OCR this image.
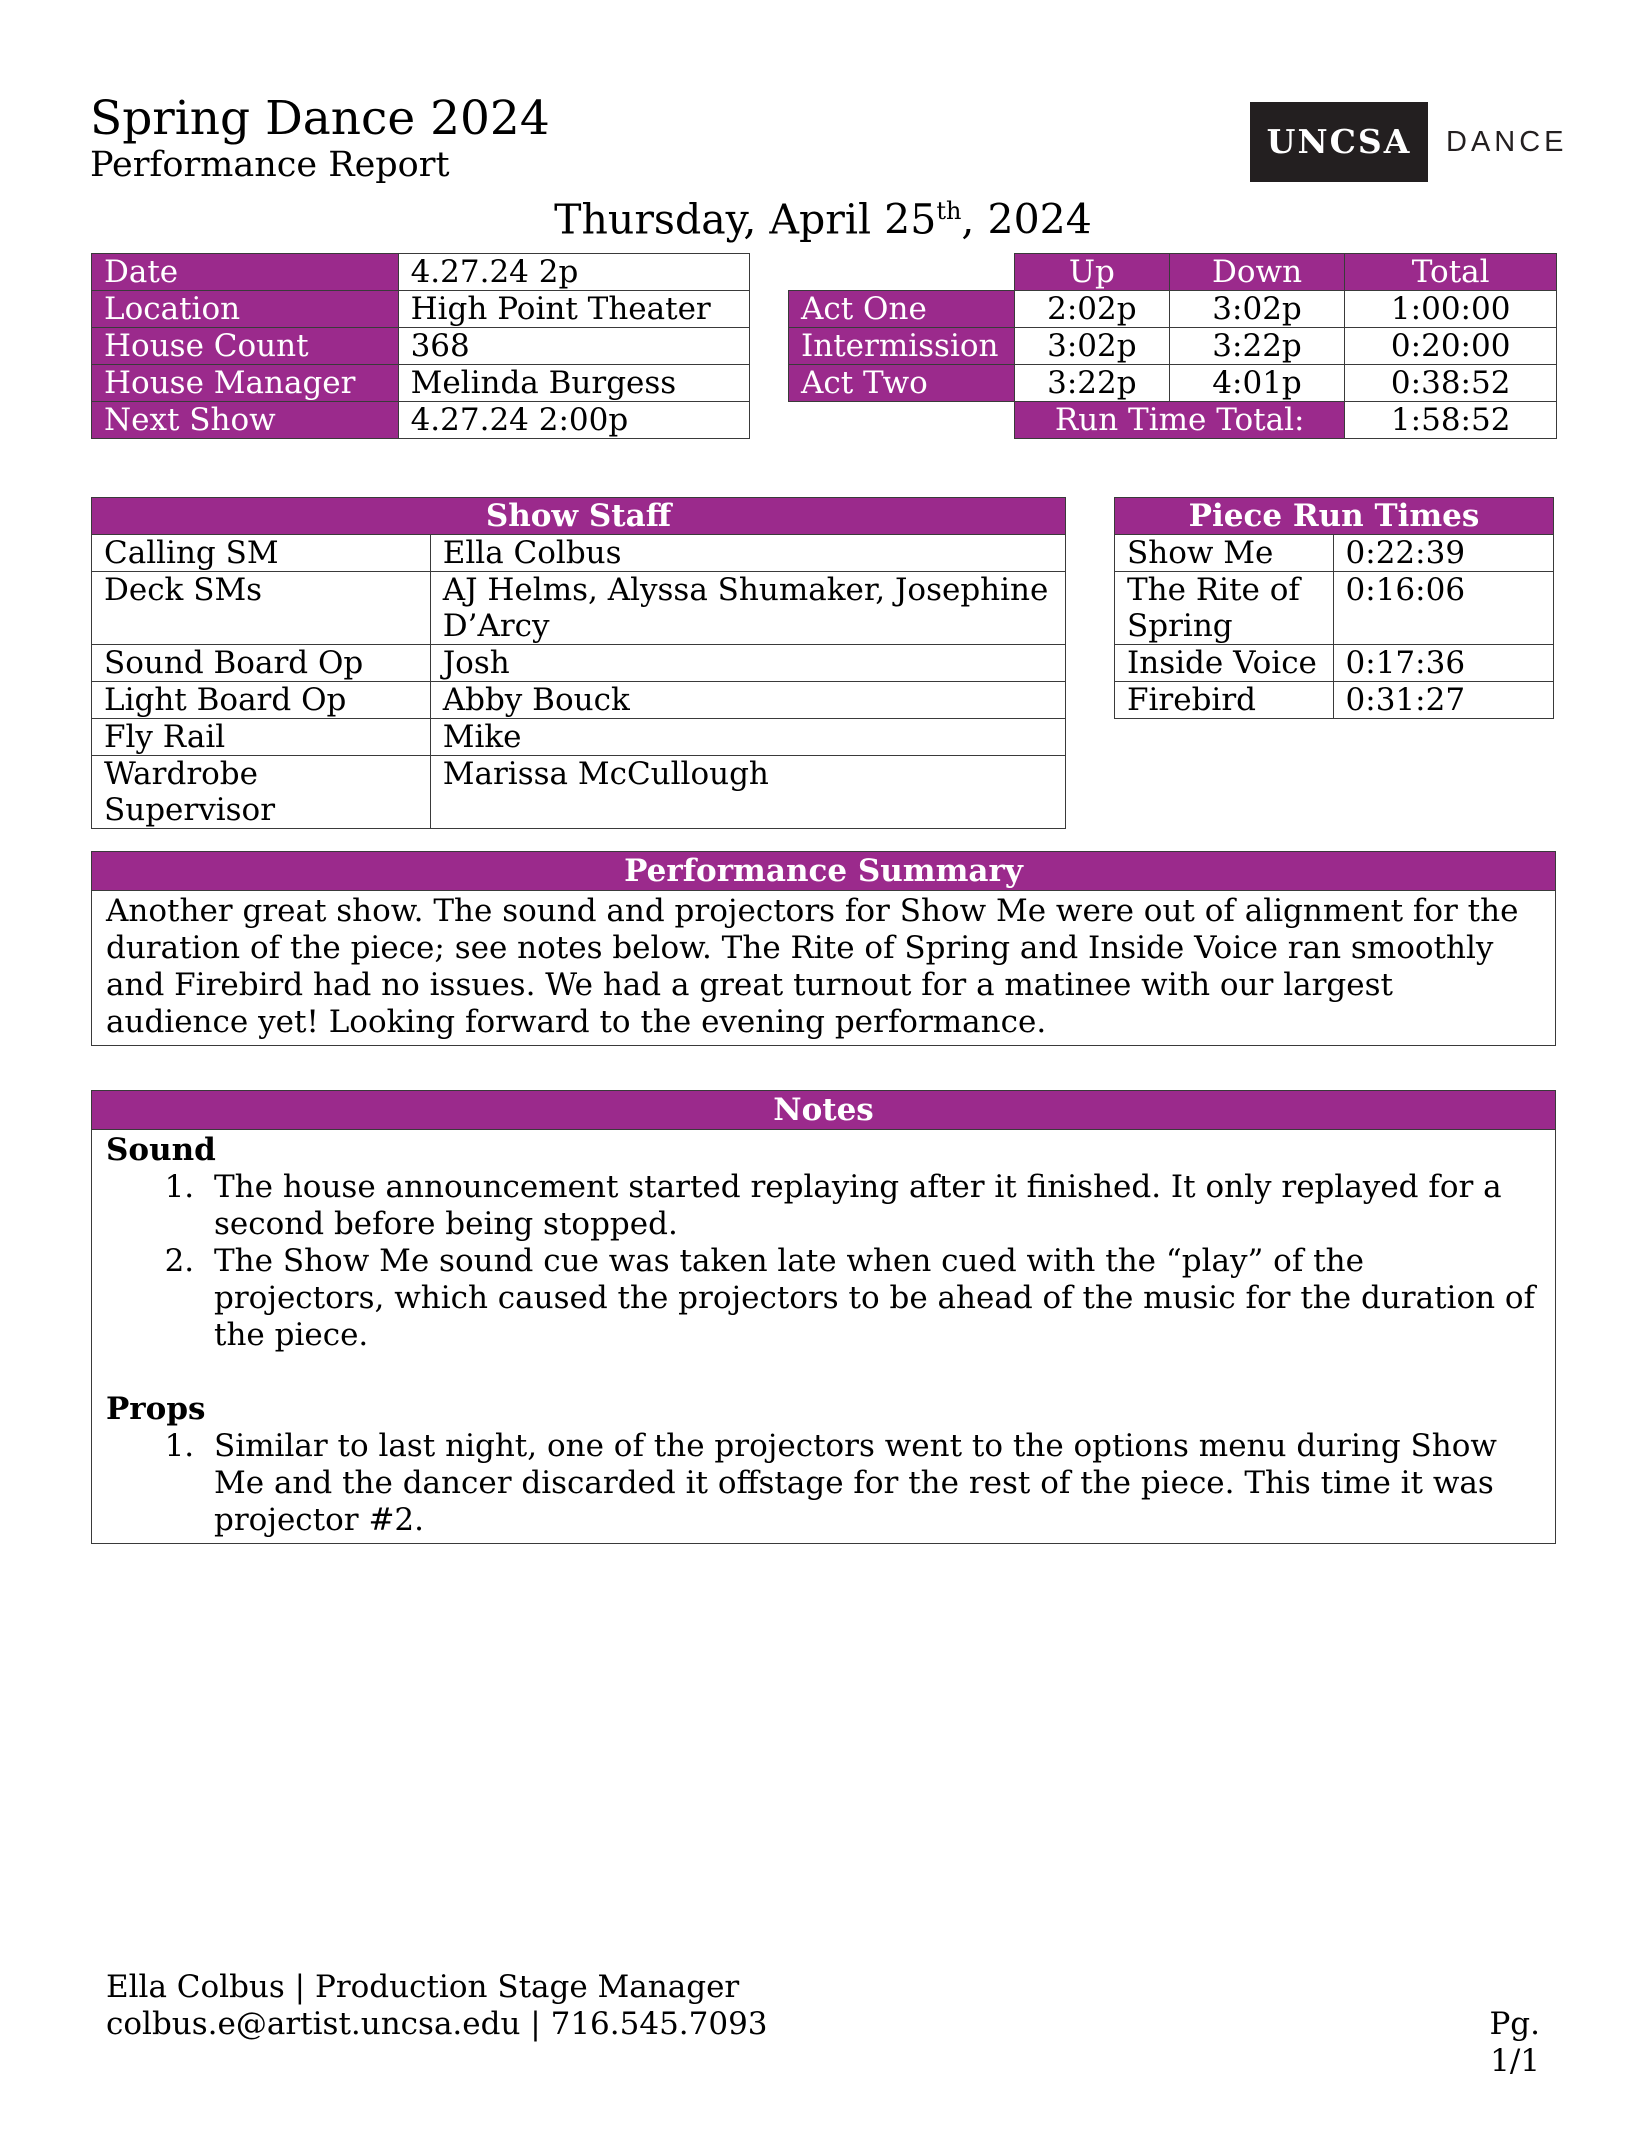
Spring Dance 2024
Performance Report
UNCSA	DANCE
Thursday, April 25th, 2024
Date	4.27.24 2p
Location	High Point Theater
House Count	368
House Manager	Melinda Burgess
Next Show	4.27.24 2:00p
	Up	Down	Total
Act One	2:02p	3:02p	1:00:00
Intermission	3:02p	3:22p	0:20:00
Act Two	3:22p	4:01p	0:38:52
	Run Time Total:		1:58:52
Show Staff	
Calling SM	Ella Colbus
Deck SMs	AJ Helms, Alyssa Shumaker, Josephine D’Arcy
Sound Board Op	Josh
Light Board Op	Abby Bouck
Fly Rail	Mike
Wardrobe Supervisor	Marissa McCullough
Piece Run Times	
Show Me	0:22:39
The Rite of Spring	0:16:06
Inside Voice	0:17:36
Firebird	0:31:27
Performance Summary
Another great show. The sound and projectors for Show Me were out of alignment for the duration of the piece; see notes below. The Rite of Spring and Inside Voice ran smoothly and Firebird had no issues. We had a great turnout for a matinee with our largest audience yet! Looking forward to the evening performance.
Notes
Sound
1. The house announcement started replaying after it finished. It only replayed for a second before being stopped.
2. The Show Me sound cue was taken late when cued with the “play” of the projectors, which caused the projectors to be ahead of the music for the duration of the piece.
Props
1. Similar to last night, one of the projectors went to the options menu during Show Me and the dancer discarded it offstage for the rest of the piece. This time it was projector #2.
Ella Colbus | Production Stage Manager
colbus.e@artist.uncsa.edu | 716.545.7093	Pg. 1/1
